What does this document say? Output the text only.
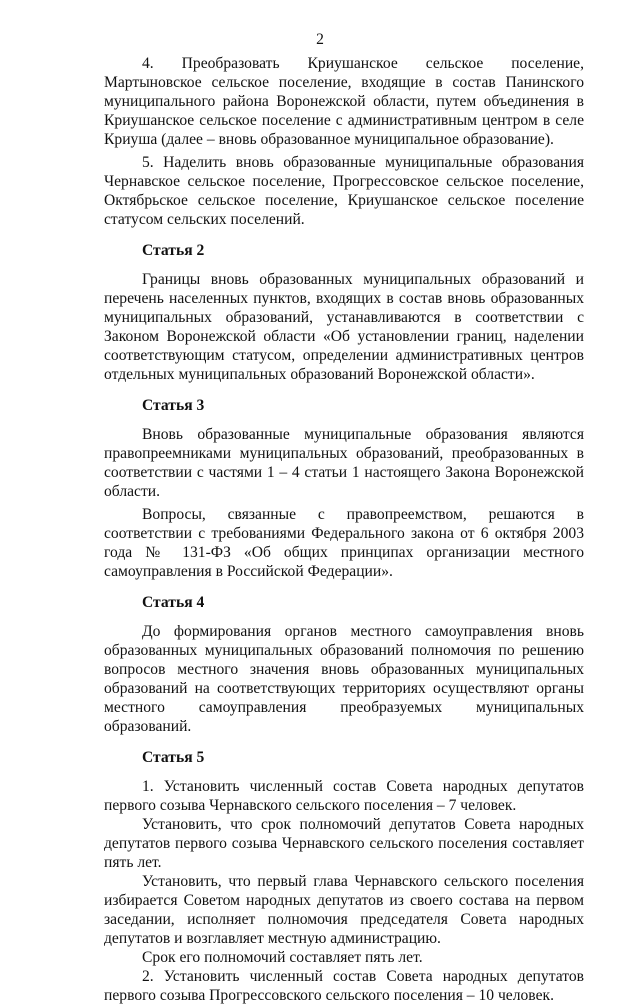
2

4. Преобразовать Криушанское сельское поселение, Мартыновское сельское поселение, входящие в состав Панинского муниципального района Воронежской области, путем объединения в Криушанское сельское поселение с административным центром в селе Криуша (далее – вновь образованное муниципальное образование).

5. Наделить вновь образованные муниципальные образования Чернавское сельское поселение, Прогрессовское сельское поселение, Октябрьское сельское поселение, Криушанское сельское поселение статусом сельских поселений.

Статья 2

Границы вновь образованных муниципальных образований и перечень населенных пунктов, входящих в состав вновь образованных муниципальных образований, устанавливаются в соответствии с Законом Воронежской области «Об установлении границ, наделении соответствующим статусом, определении административных центров отдельных муниципальных образований Воронежской области».

Статья 3

Вновь образованные муниципальные образования являются правопреемниками муниципальных образований, преобразованных в соответствии с частями 1 – 4 статьи 1 настоящего Закона Воронежской области.

Вопросы, связанные с правопреемством, решаются в соответствии с требованиями Федерального закона от 6 октября 2003 года № 131-ФЗ «Об общих принципах организации местного самоуправления в Российской Федерации».

Статья 4

До формирования органов местного самоуправления вновь образованных муниципальных образований полномочия по решению вопросов местного значения вновь образованных муниципальных образований на соответствующих территориях осуществляют органы местного самоуправления преобразуемых муниципальных образований.

Статья 5

1. Установить численный состав Совета народных депутатов первого созыва Чернавского сельского поселения – 7 человек.

Установить, что срок полномочий депутатов Совета народных депутатов первого созыва Чернавского сельского поселения составляет пять лет.

Установить, что первый глава Чернавского сельского поселения избирается Советом народных депутатов из своего состава на первом заседании, исполняет полномочия председателя Совета народных депутатов и возглавляет местную администрацию.

Срок его полномочий составляет пять лет.

2. Установить численный состав Совета народных депутатов первого созыва Прогрессовского сельского поселения – 10 человек.
